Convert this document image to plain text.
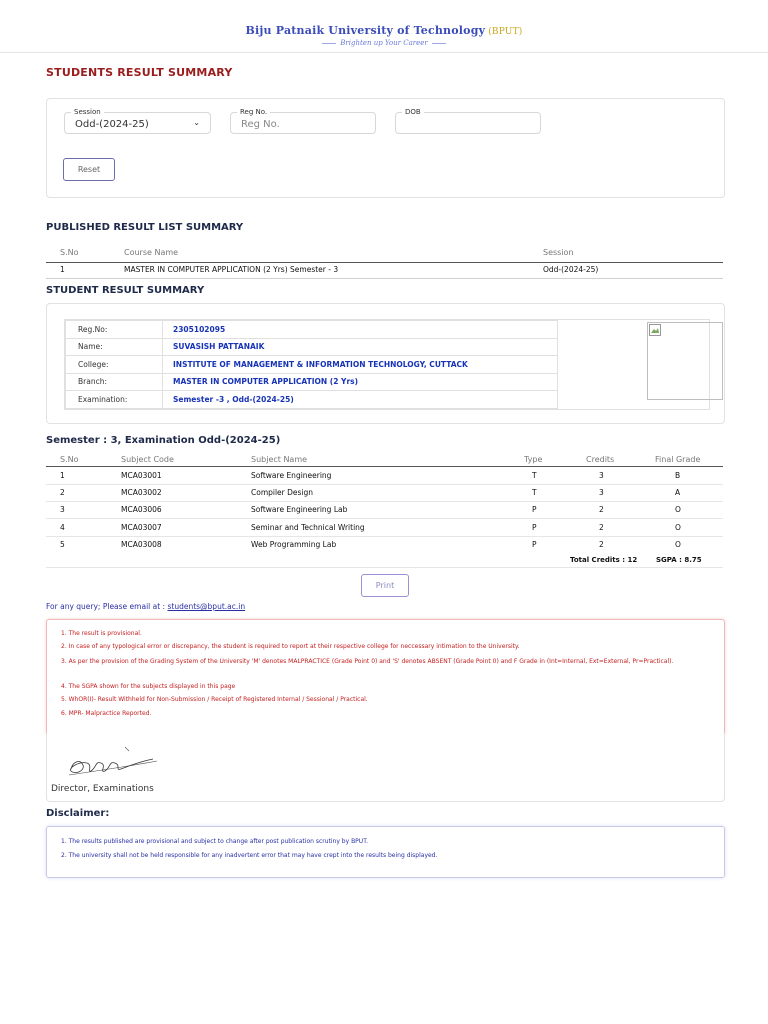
Biju Patnaik University of Technology (BPUT)
Brighten up Your Career
STUDENTS RESULT SUMMARY
Session
Odd-(2024-25)	⌄
Reg No.
Reg No.
DOB
Reset
PUBLISHED RESULT LIST SUMMARY
S.No	Course Name	Session
1	MASTER IN COMPUTER APPLICATION (2 Yrs) Semester - 3	Odd-(2024-25)
STUDENT RESULT SUMMARY
Reg.No:	2305102095
Name:	SUVASISH PATTANAIK
College:	INSTITUTE OF MANAGEMENT & INFORMATION TECHNOLOGY, CUTTACK
Branch:	MASTER IN COMPUTER APPLICATION (2 Yrs)
Examination:	Semester -3 , Odd-(2024-25)
Semester : 3, Examination Odd-(2024-25)
S.No	Subject Code	Subject Name	Type	Credits	Final Grade
1	MCA03001	Software Engineering	T	3	B
2	MCA03002	Compiler Design	T	3	A
3	MCA03006	Software Engineering Lab	P	2	O
4	MCA03007	Seminar and Technical Writing	P	2	O
5	MCA03008	Web Programming Lab	P	2	O
Total Credits : 12	SGPA : 8.75
Print
For any query; Please email at : students@bput.ac.in
1. The result is provisional.
2. In case of any typological error or discrepancy, the student is required to report at their respective college for neccessary intimation to the University.
3. As per the provision of the Grading System of the University 'M' denotes MALPRACTICE (Grade Point 0) and 'S' denotes ABSENT (Grade Point 0) and F Grade in (Int=Internal, Ext=External, Pr=Practical).
4. The SGPA shown for the subjects displayed in this page
5. WhOR(I)- Result Withheld for Non-Submission / Receipt of Registered Internal / Sessional / Practical.
6. MPR- Malpractice Reported.
Director, Examinations
Disclaimer:
1. The results published are provisional and subject to change after post publication scrutiny by BPUT.
2. The university shall not be held responsible for any inadvertent error that may have crept into the results being displayed.
